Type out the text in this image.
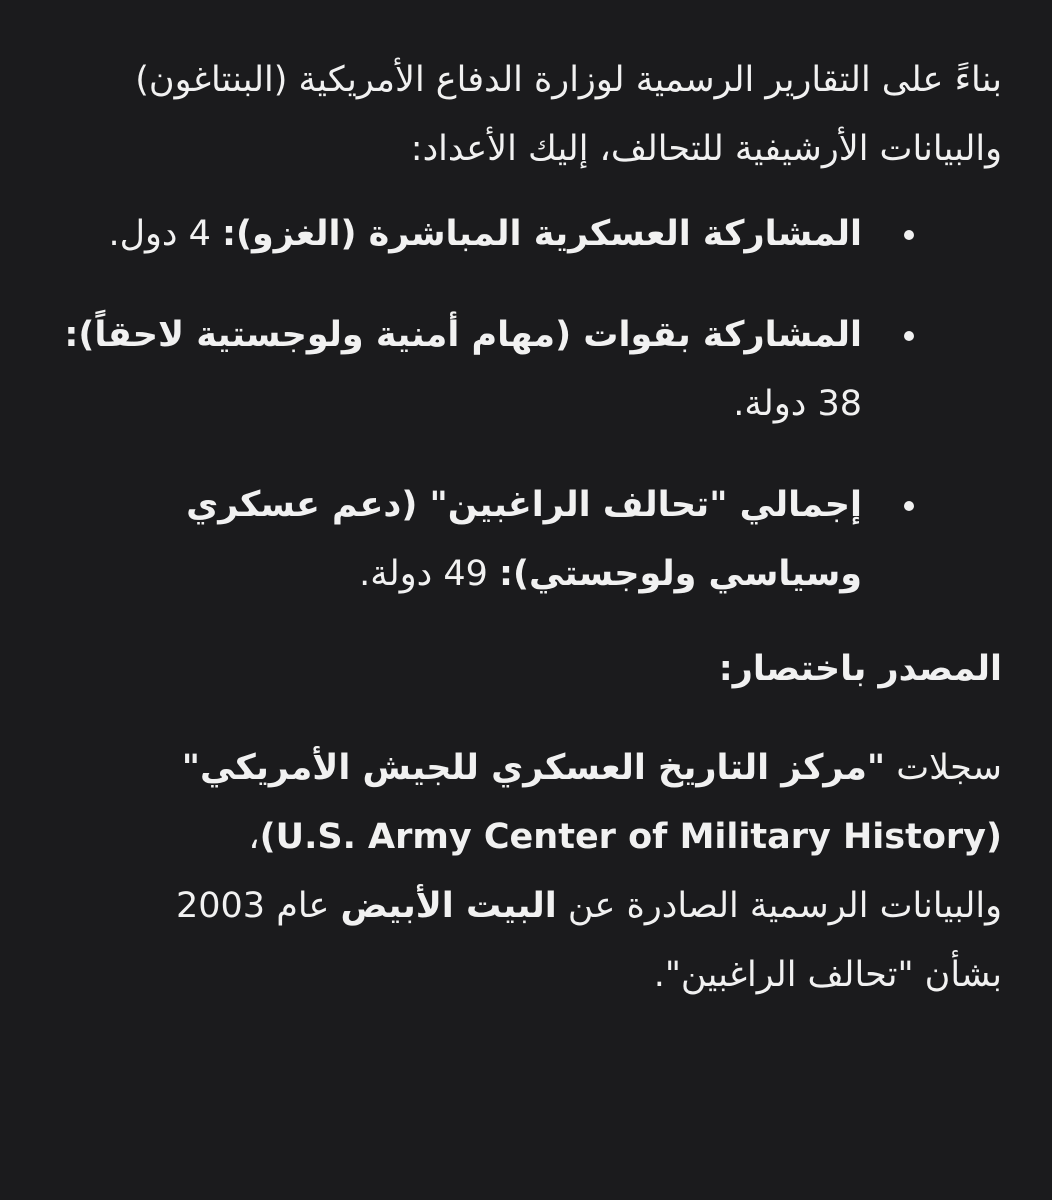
بناءً على التقارير الرسمية لوزارة الدفاع الأمريكية (البنتاغون) والبيانات الأرشيفية للتحالف، إليك الأعداد:

المشاركة العسكرية المباشرة (الغزو): 4 دول.
المشاركة بقوات (مهام أمنية ولوجستية لاحقاً): 38 دولة.
إجمالي "تحالف الراغبين" (دعم عسكري وسياسي ولوجستي): 49 دولة.

المصدر باختصار:

سجلات "مركز التاريخ العسكري للجيش الأمريكي" (U.S. Army Center of Military History)، والبيانات الرسمية الصادرة عن البيت الأبيض عام 2003 بشأن "تحالف الراغبين".
